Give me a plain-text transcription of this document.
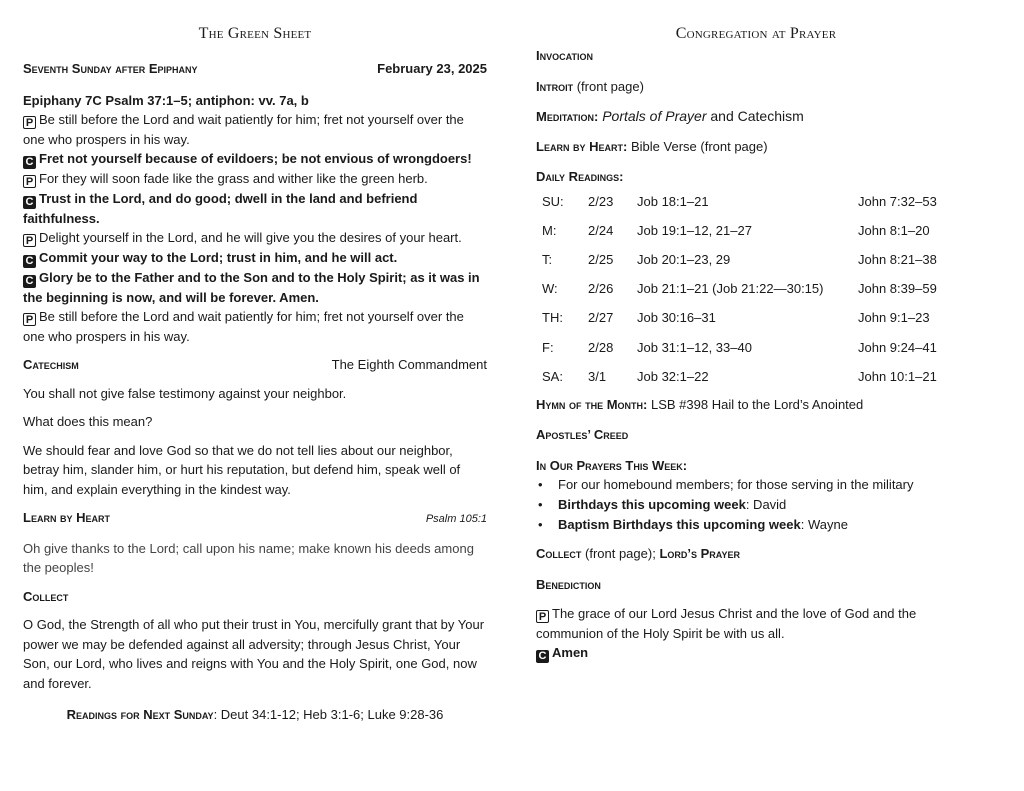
The Green Sheet
Seventh Sunday after Epiphany	February 23, 2025

Epiphany 7C Psalm 37:1–5; antiphon: vv. 7a, b

P Be still before the Lord and wait patiently for him; fret not yourself over the one who prospers in his way.

C Fret not yourself because of evildoers; be not envious of wrongdoers!

P For they will soon fade like the grass and wither like the green herb.

C Trust in the Lord, and do good; dwell in the land and befriend faithfulness.

P Delight yourself in the Lord, and he will give you the desires of your heart.

C Commit your way to the Lord; trust in him, and he will act.

C Glory be to the Father and to the Son and to the Holy Spirit; as it was in the beginning is now, and will be forever. Amen.

P Be still before the Lord and wait patiently for him; fret not yourself over the one who prospers in his way.

Catechism	The Eighth Commandment

You shall not give false testimony against your neighbor.

What does this mean?

We should fear and love God so that we do not tell lies about our neighbor, betray him, slander him, or hurt his reputation, but defend him, speak well of him, and explain everything in the kindest way.

Learn by Heart	Psalm 105:1

Oh give thanks to the Lord; call upon his name; make known his deeds among the peoples!

Collect

O God, the Strength of all who put their trust in You, mercifully grant that by Your power we may be defended against all adversity; through Jesus Christ, Your Son, our Lord, who lives and reigns with You and the Holy Spirit, one God, now and forever.

Readings for Next Sunday: Deut 34:1-12; Heb 3:1-6; Luke 9:28-36

Congregation at Prayer

Invocation

Introit (front page)

Meditation: Portals of Prayer and Catechism

Learn by Heart: Bible Verse (front page)

Daily Readings:

SU:	2/23	Job 18:1–21	John 7:32–53
M:	2/24	Job 19:1–12, 21–27	John 8:1–20
T:	2/25	Job 20:1–23, 29	John 8:21–38
W:	2/26	Job 21:1–21 (Job 21:22—30:15)	John 8:39–59
TH:	2/27	Job 30:16–31	John 9:1–23
F:	2/28	Job 31:1–12, 33–40	John 9:24–41
SA:	3/1	Job 32:1–22	John 10:1–21

Hymn of the Month: LSB #398 Hail to the Lord’s Anointed

Apostles’ Creed

In Our Prayers This Week:

• For our homebound members; for those serving in the military
• Birthdays this upcoming week: David
• Baptism Birthdays this upcoming week: Wayne

Collect (front page); Lord’s Prayer

Benediction

P The grace of our Lord Jesus Christ and the love of God and the communion of the Holy Spirit be with us all.

C Amen
